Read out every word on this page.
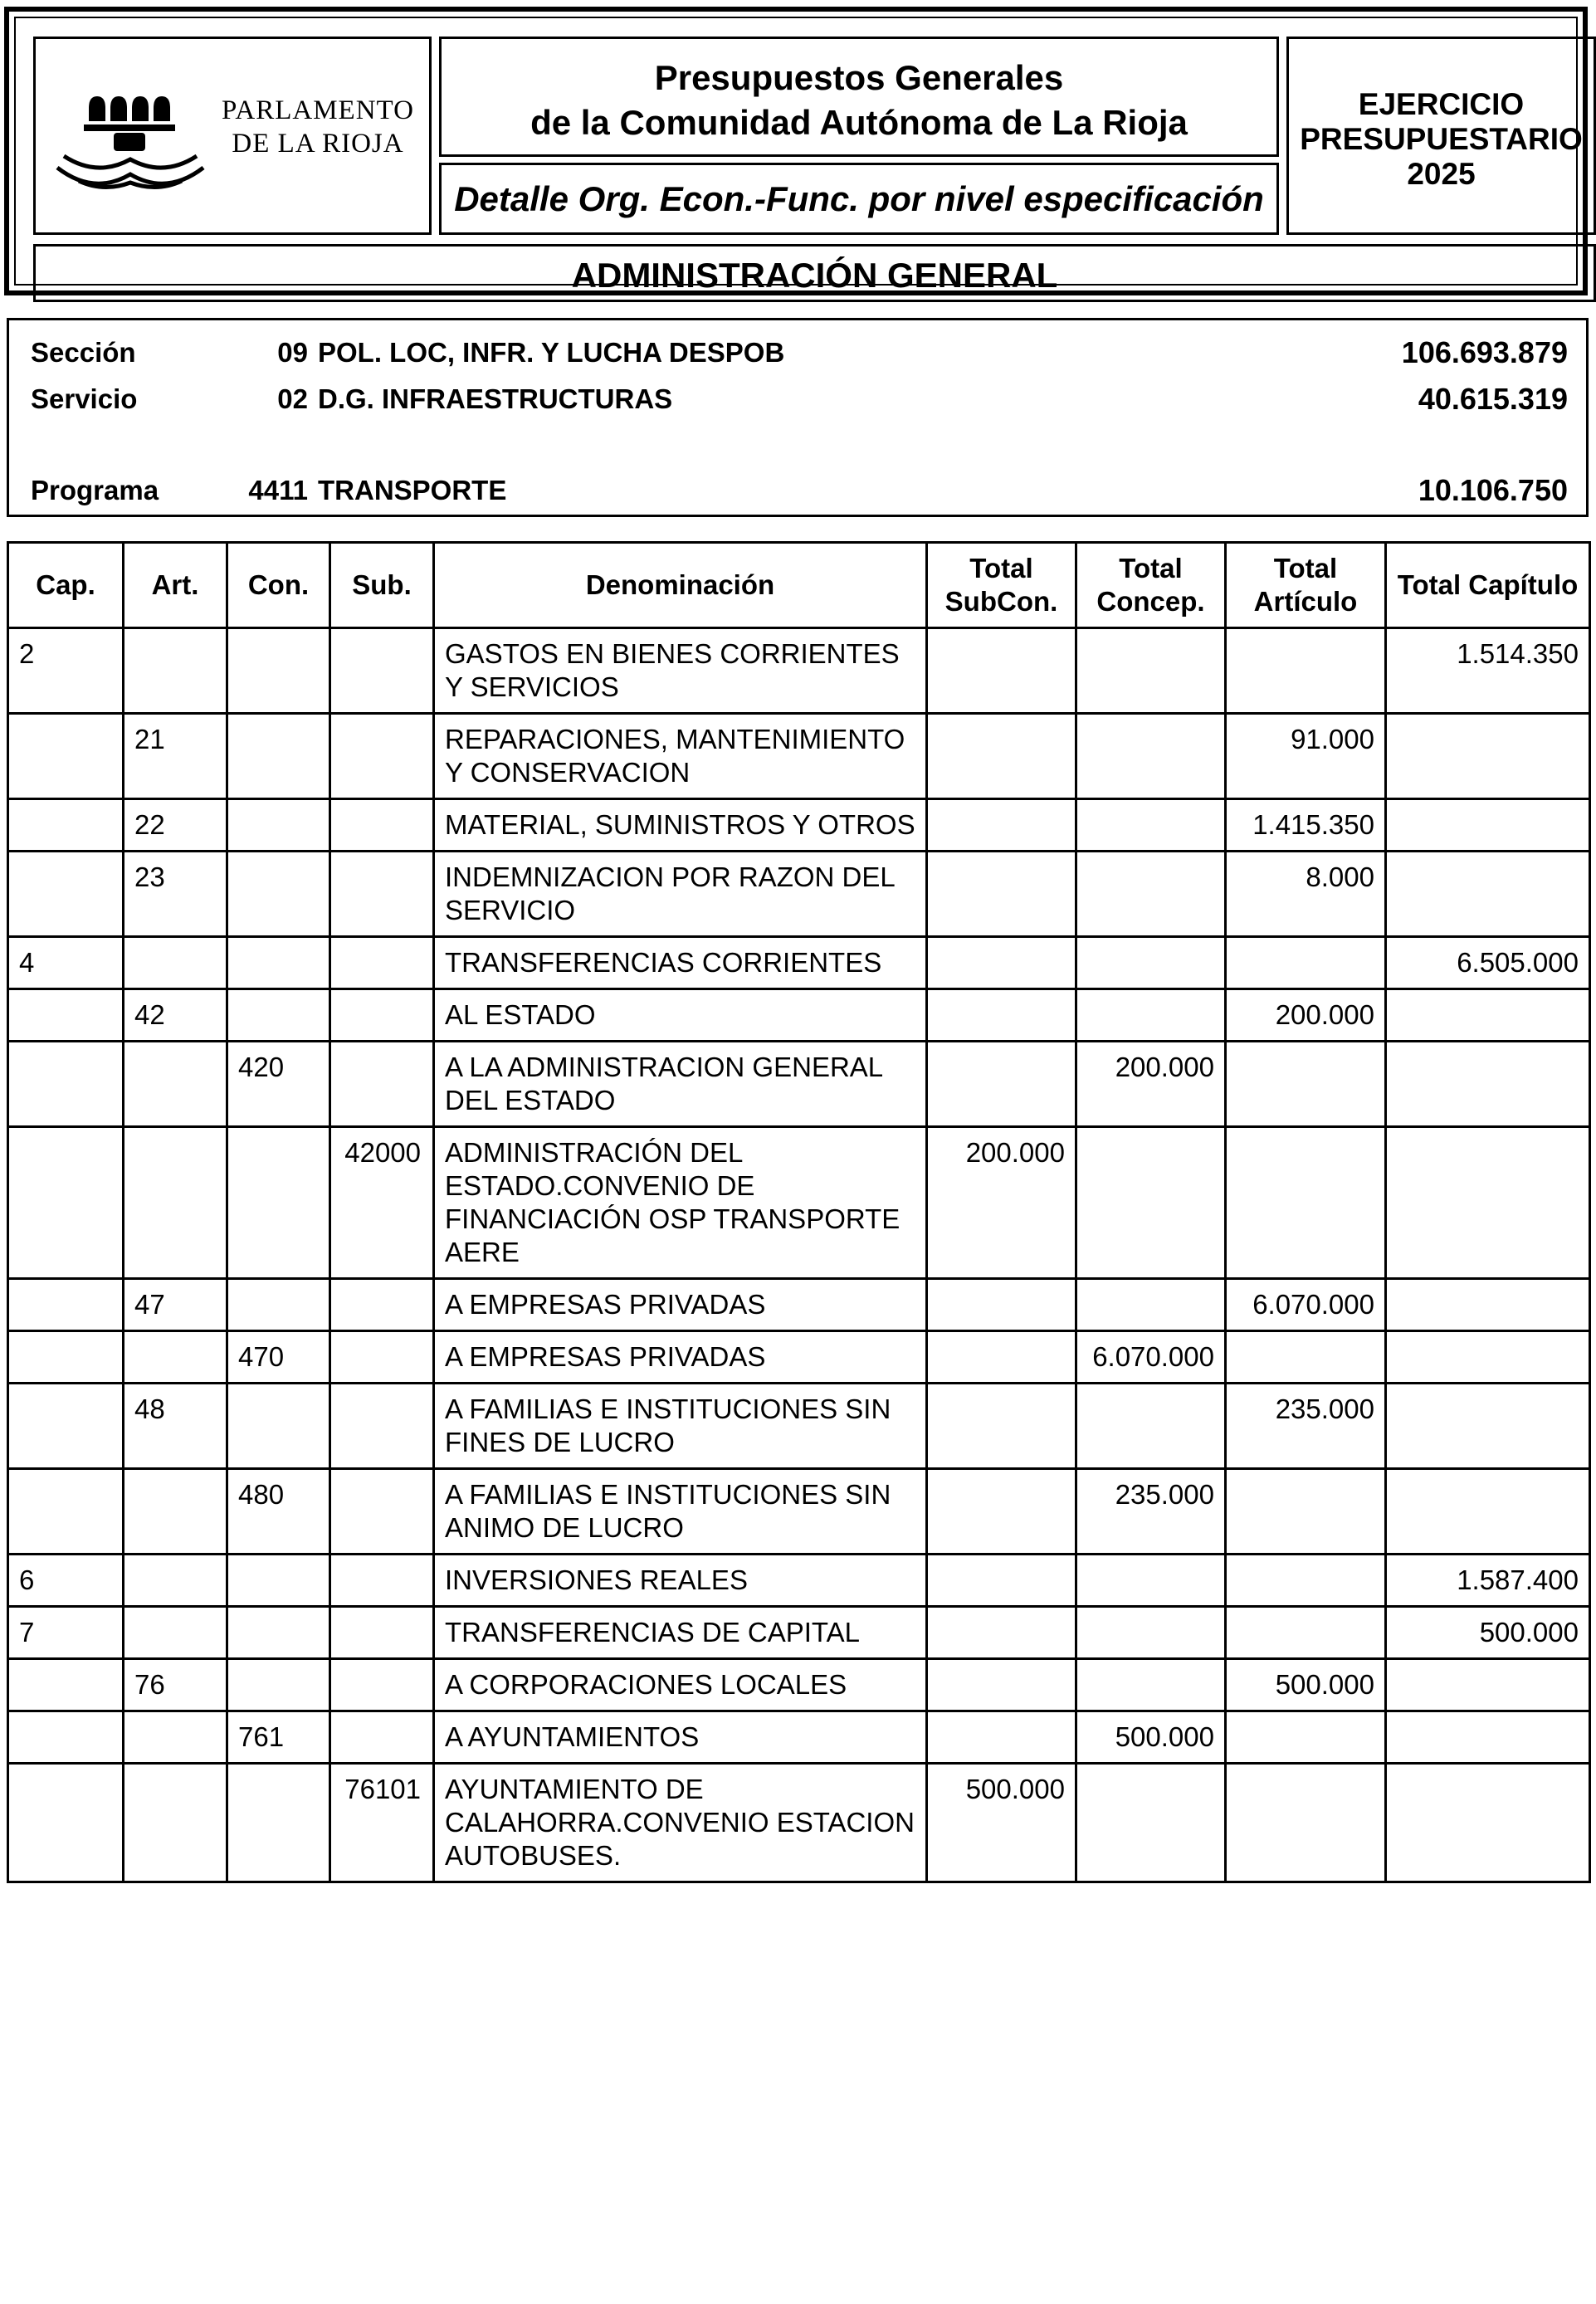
PARLAMENTO
DE LA RIOJA
Presupuestos Generales
de la Comunidad Autónoma de La Rioja
Detalle Org. Econ.-Func. por nivel especificación
EJERCICIO
PRESUPUESTARIO
2025
ADMINISTRACIÓN GENERAL
Sección	09 POL. LOC, INFR. Y LUCHA DESPOB	106.693.879
Servicio	02 D.G. INFRAESTRUCTURAS	40.615.319
Programa	4411 TRANSPORTE	10.106.750
Cap.	Art.	Con.	Sub.	Denominación	Total SubCon.	Total Concep.	Total Artículo	Total Capítulo
2				GASTOS EN BIENES CORRIENTES Y SERVICIOS				1.514.350
	21			REPARACIONES, MANTENIMIENTO Y CONSERVACION			91.000	
	22			MATERIAL, SUMINISTROS Y OTROS			1.415.350	
	23			INDEMNIZACION POR RAZON DEL SERVICIO			8.000	
4				TRANSFERENCIAS CORRIENTES				6.505.000
	42			AL ESTADO			200.000	
		420		A LA ADMINISTRACION GENERAL DEL ESTADO		200.000		
			42000	ADMINISTRACIÓN DEL ESTADO.CONVENIO DE FINANCIACIÓN OSP TRANSPORTE AERE	200.000			
	47			A EMPRESAS PRIVADAS			6.070.000	
		470		A EMPRESAS PRIVADAS		6.070.000		
	48			A FAMILIAS E INSTITUCIONES SIN FINES DE LUCRO			235.000	
		480		A FAMILIAS E INSTITUCIONES SIN ANIMO DE LUCRO		235.000		
6				INVERSIONES REALES				1.587.400
7				TRANSFERENCIAS DE CAPITAL				500.000
	76			A CORPORACIONES LOCALES			500.000	
		761		A AYUNTAMIENTOS		500.000		
			76101	AYUNTAMIENTO DE CALAHORRA.CONVENIO ESTACION AUTOBUSES.	500.000			
